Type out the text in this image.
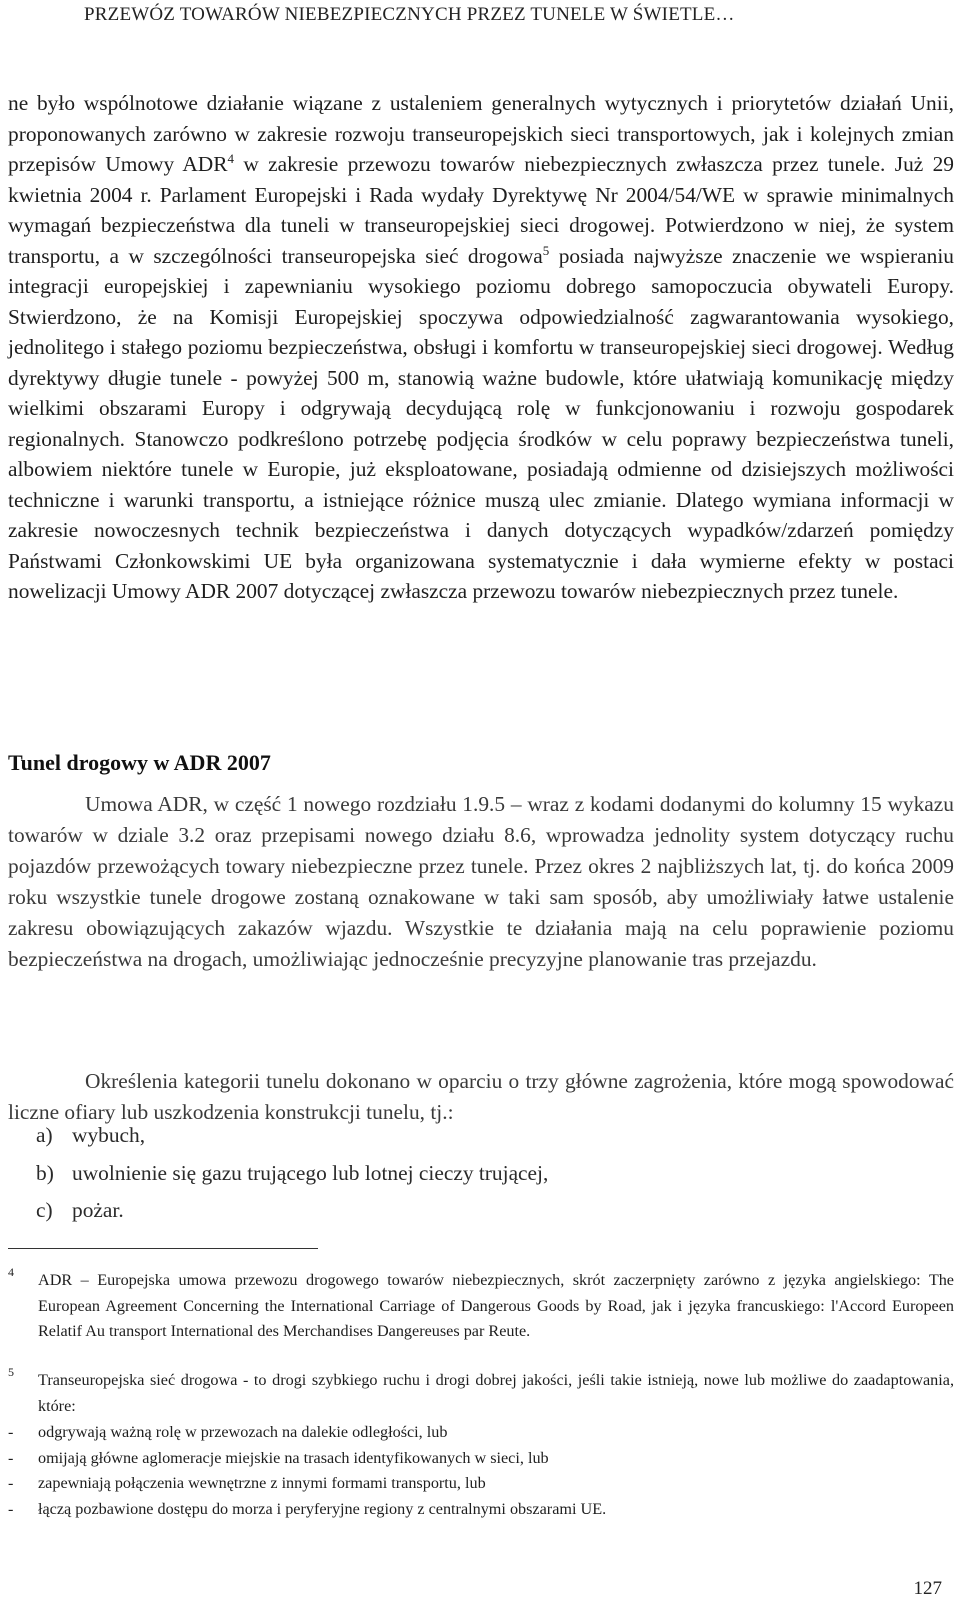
PRZEWÓZ TOWARÓW NIEBEZPIECZNYCH PRZEZ TUNELE W ŚWIETLE…
ne było wspólnotowe działanie wiązane z ustaleniem generalnych wytycznych i priorytetów działań Unii, proponowanych zarówno w zakresie rozwoju transeuropejskich sieci transportowych, jak i kolejnych zmian przepisów Umowy ADR$^4$ w zakresie przewozu towarów niebezpiecznych zwłaszcza przez tunele. Już 29 kwietnia 2004 r. Parlament Europejski i Rada wydały Dyrektywę Nr 2004/54/WE w sprawie minimalnych wymagań bezpieczeństwa dla tuneli w transeuropejskiej sieci drogowej. Potwierdzono w niej, że system transportu, a w szczególności transeuropejska sieć drogowa$^5$ posiada najwyższe znaczenie we wspieraniu integracji europejskiej i zapewnianiu wysokiego poziomu dobrego samopoczucia obywateli Europy. Stwierdzono, że na Komisji Europejskiej spoczywa odpowiedzialność zagwarantowania wysokiego, jednolitego i stałego poziomu bezpieczeństwa, obsługi i komfortu w transeuropejskiej sieci drogowej. Według dyrektywy długie tunele - powyżej 500 m, stanowią ważne budowle, które ułatwiają komunikację między wielkimi obszarami Europy i odgrywają decydującą rolę w funkcjonowaniu i rozwoju gospodarek regionalnych. Stanowczo podkreślono potrzebę podjęcia środków w celu poprawy bezpieczeństwa tuneli, albowiem niektóre tunele w Europie, już eksploatowane, posiadają odmienne od dzisiejszych możliwości techniczne i warunki transportu, a istniejące różnice muszą ulec zmianie. Dlatego wymiana informacji w zakresie nowoczesnych technik bezpieczeństwa i danych dotyczących wypadków/zdarzeń pomiędzy Państwami Członkowskimi UE była organizowana systematycznie i dała wymierne efekty w postaci nowelizacji Umowy ADR 2007 dotyczącej zwłaszcza przewozu towarów niebezpiecznych przez tunele.
Tunel drogowy w ADR 2007

Umowa ADR, w część 1 nowego rozdziału 1.9.5 – wraz z kodami dodanymi do kolumny 15 wykazu towarów w dziale 3.2 oraz przepisami nowego działu 8.6, wprowadza jednolity system dotyczący ruchu pojazdów przewożących towary niebezpieczne przez tunele. Przez okres 2 najbliższych lat, tj. do końca 2009 roku wszystkie tunele drogowe zostaną oznakowane w taki sam sposób, aby umożliwiały łatwe ustalenie zakresu obowiązujących zakazów wjazdu. Wszystkie te działania mają na celu poprawienie poziomu bezpieczeństwa na drogach, umożliwiając jednocześnie precyzyjne planowanie tras przejazdu.

Określenia kategorii tunelu dokonano w oparciu o trzy główne zagrożenia, które mogą spowodować liczne ofiary lub uszkodzenia konstrukcji tunelu, tj.:

a) wybuch,
b) uwolnienie się gazu trującego lub lotnej cieczy trującej,
c) pożar.
4 ADR – Europejska umowa przewozu drogowego towarów niebezpiecznych, skrót zaczerpnięty zarówno z języka angielskiego: The European Agreement Concerning the International Carriage of Dangerous Goods by Road, jak i języka francuskiego: l'Accord Europeen Relatif Au transport International des Merchandises Dangereuses par Reute.
5 Transeuropejska sieć drogowa - to drogi szybkiego ruchu i drogi dobrej jakości, jeśli takie istnieją, nowe lub możliwe do zaadaptowania, które:
-	odgrywają ważną rolę w przewozach na dalekie odległości, lub
-	omijają główne aglomeracje miejskie na trasach identyfikowanych w sieci, lub
-	zapewniają połączenia wewnętrzne z innymi formami transportu, lub
-	łączą pozbawione dostępu do morza i peryferyjne regiony z centralnymi obszarami UE.
127
